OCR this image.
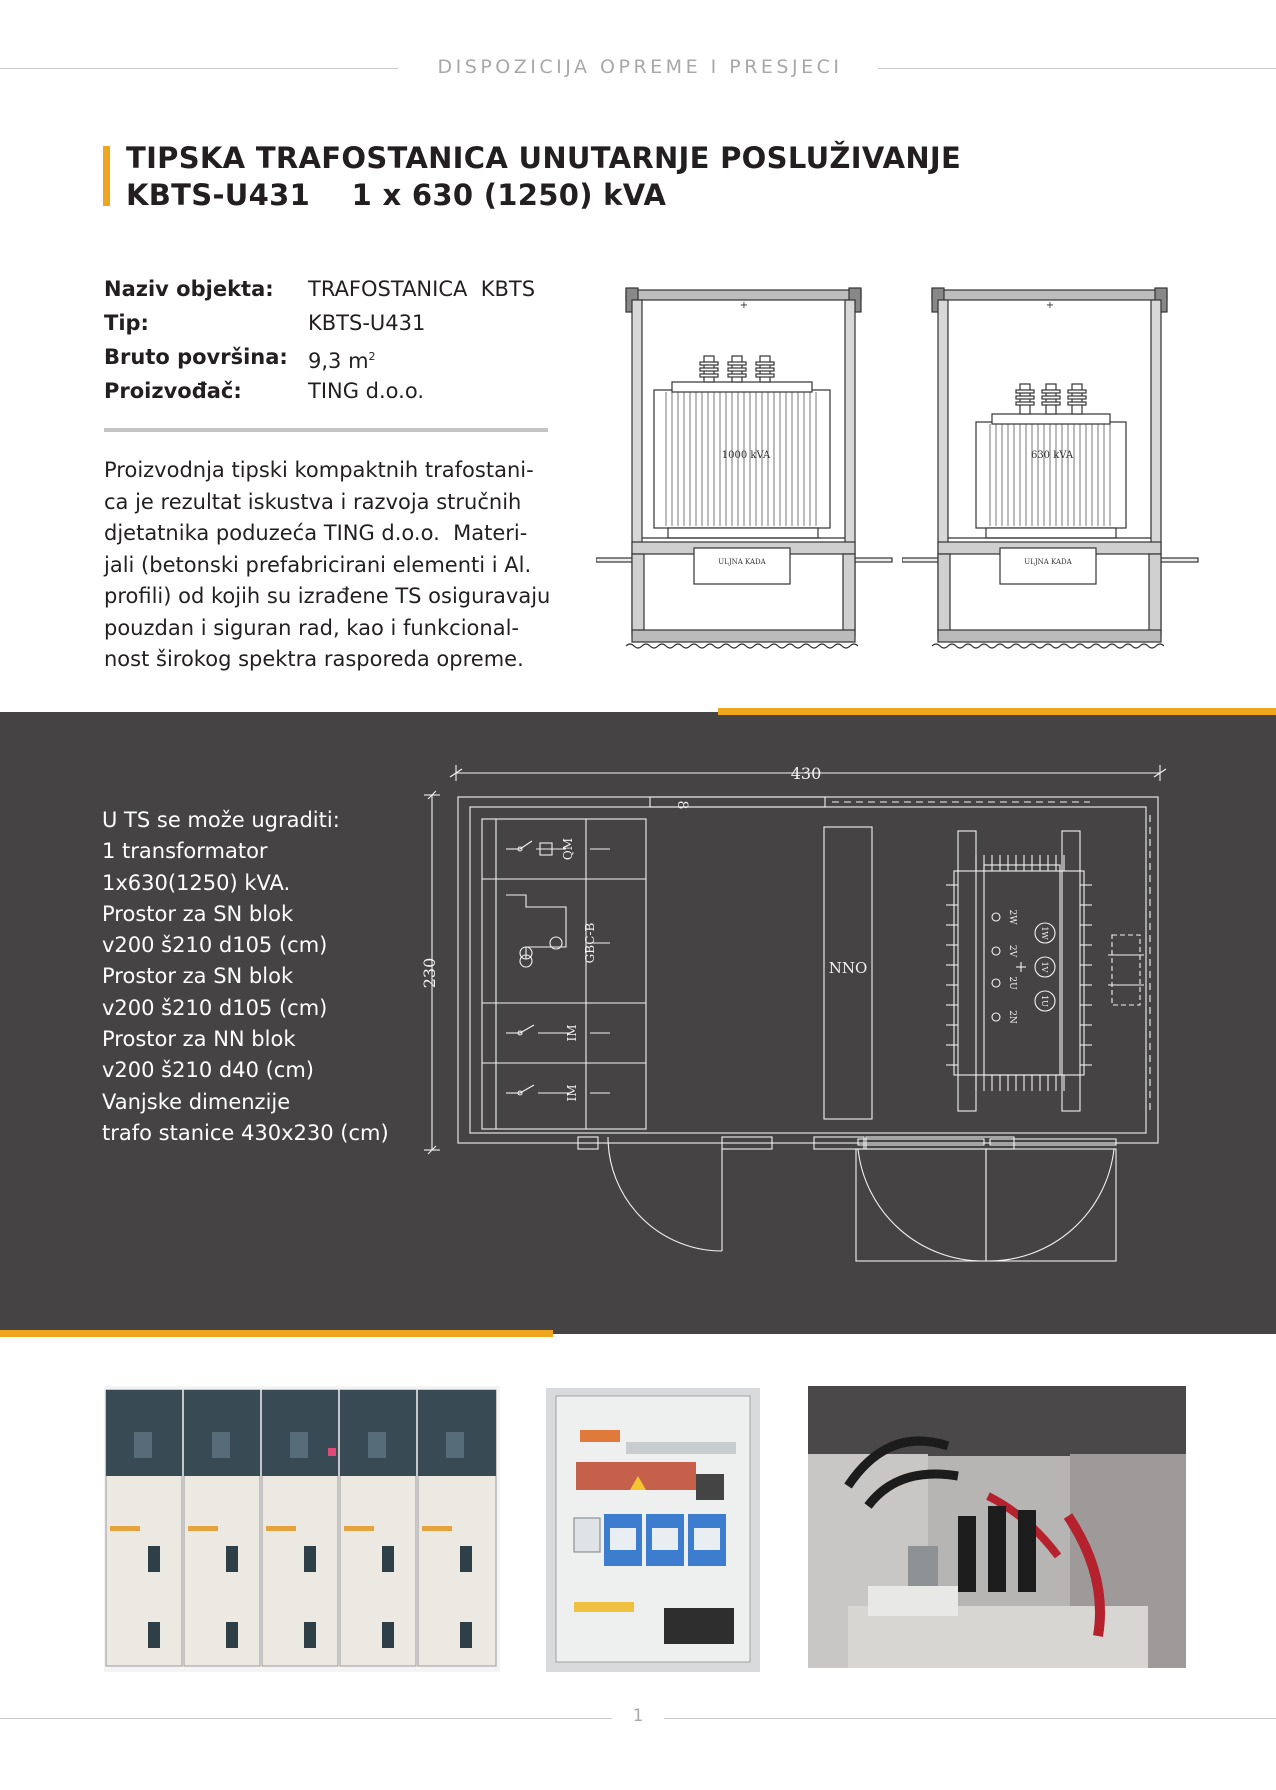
DISPOZICIJA OPREME I PRESJECI
TIPSKA TRAFOSTANICA UNUTARNJE POSLUŽIVANJE
KBTS-U431    1 x 630 (1250) kVA
Naziv objekta: TRAFOSTANICA  KBTS
Tip:	KBTS-U431
Bruto površina: 9,3 $m^2$
Proizvođač:	TING d.o.o.
Proizvodnja tipski kompaktnih trafostani-
ca je rezultat iskustva i razvoja stručnih
djetatnika poduzeća TING d.o.o.  Materi-
jali (betonski prefabricirani elementi i Al.
profili) od kojih su izrađene TS osiguravaju
pouzdan i siguran rad, kao i funkcional-
nost širokog spektra rasporeda opreme.
+
1000 kVA
ULJNA KADA
+
630 kVA
ULJNA KADA
U TS se može ugraditi:
1 transformator
1x630(1250) kVA.
Prostor za SN blok
v200 š210 d105 (cm)
Prostor za SN blok
v200 š210 d105 (cm)
Prostor za NN blok
v200 š210 d40 (cm)
Vanjske dimenzije
trafo stanice 430x230 (cm)
430
230
8
QM
GBC-B
IM
IM
NNO
2W
2V
2U
2N
1W
1V
1U
1
